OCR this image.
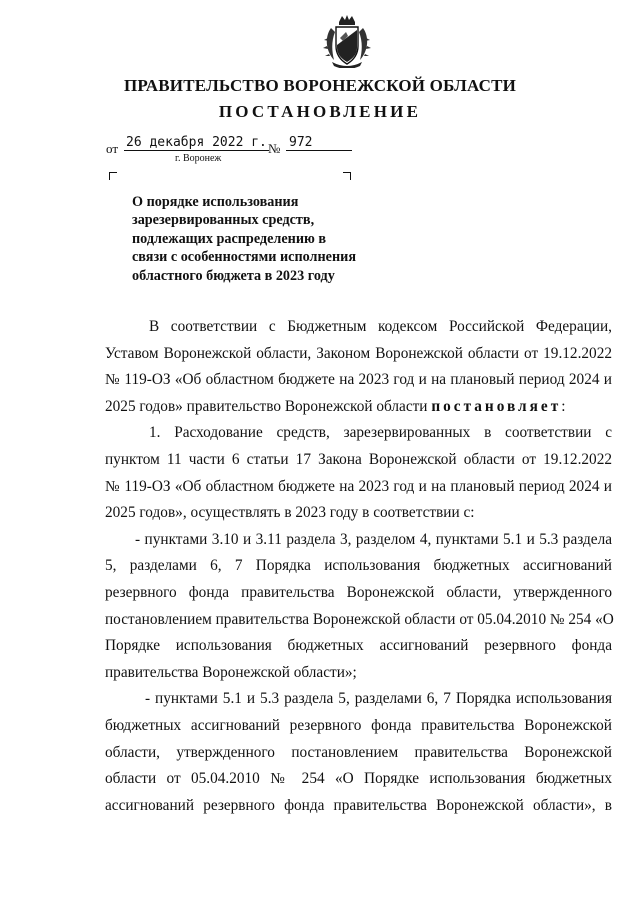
ПРАВИТЕЛЬСТВО ВОРОНЕЖСКОЙ ОБЛАСТИ
ПОСТАНОВЛЕНИЕ
от 26 декабря 2022 г. № 972
г. Воронеж
О порядке использования
зарезервированных средств,
подлежащих распределению в
связи с особенностями исполнения
областного бюджета в 2023 году
В соответствии с Бюджетным кодексом Российской Федерации,
Уставом Воронежской области, Законом Воронежской области от 19.12.2022
№ 119-ОЗ «Об областном бюджете на 2023 год и на плановый период 2024 и
2025 годов» правительство Воронежской области постановляет:
1. Расходование средств, зарезервированных в соответствии с
пунктом 11 части 6 статьи 17 Закона Воронежской области от 19.12.2022
№ 119-ОЗ «Об областном бюджете на 2023 год и на плановый период 2024 и
2025 годов», осуществлять в 2023 году в соответствии с:
- пунктами 3.10 и 3.11 раздела 3, разделом 4, пунктами 5.1 и 5.3 раздела
5, разделами 6, 7 Порядка использования бюджетных ассигнований
резервного фонда правительства Воронежской области, утвержденного
постановлением правительства Воронежской области от 05.04.2010 № 254 «О
Порядке использования бюджетных ассигнований резервного фонда
правительства Воронежской области»;
- пунктами 5.1 и 5.3 раздела 5, разделами 6, 7 Порядка использования
бюджетных ассигнований резервного фонда правительства Воронежской
области, утвержденного постановлением правительства Воронежской
области от 05.04.2010 № 254 «О Порядке использования бюджетных
ассигнований резервного фонда правительства Воронежской области», в
